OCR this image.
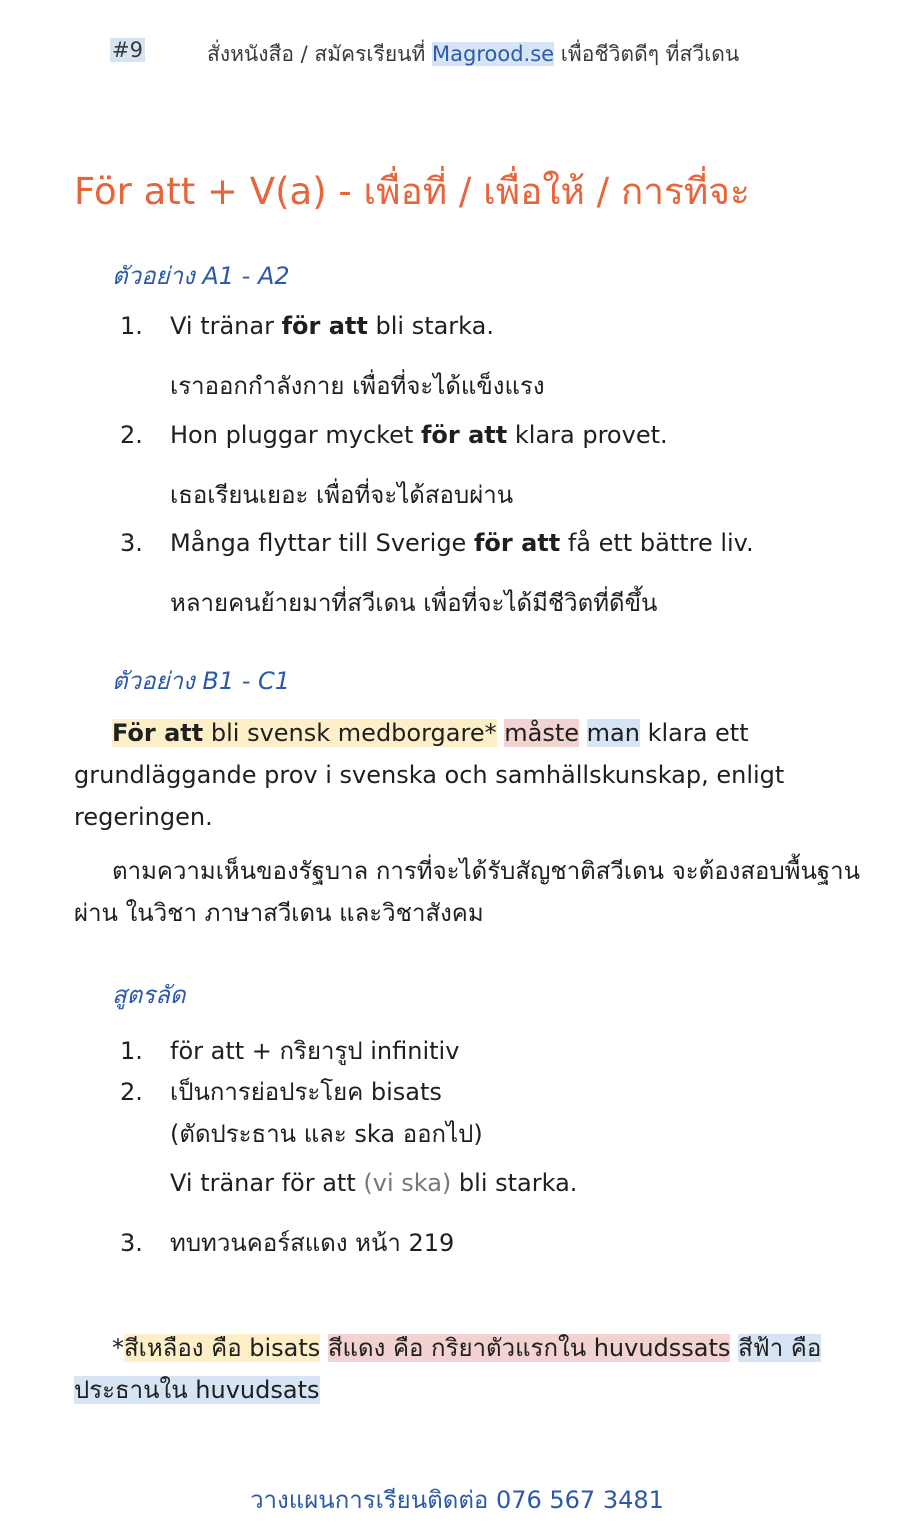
#9	สั่งหนังสือ / สมัครเรียนที่ Magrood.se เพื่อชีวิตดีๆ ที่สวีเดน
För att + V(a) - เพื่อที่ / เพื่อให้ / การที่จะ
ตัวอย่าง A1 - A2
1. Vi tränar för att bli starka.
เราออกกำลังกาย เพื่อที่จะได้แข็งแรง
2. Hon pluggar mycket för att klara provet.
เธอเรียนเยอะ เพื่อที่จะได้สอบผ่าน
3. Många flyttar till Sverige för att få ett bättre liv.
หลายคนย้ายมาที่สวีเดน เพื่อที่จะได้มีชีวิตที่ดีขึ้น
ตัวอย่าง B1 - C1
För att bli svensk medborgare* måste man klara ett grundläggande prov i svenska och samhällskunskap, enligt regeringen.
ตามความเห็นของรัฐบาล การที่จะได้รับสัญชาติสวีเดน จะต้องสอบพื้นฐานผ่าน ในวิชา ภาษาสวีเดน และวิชาสังคม
สูตรลัด
1. för att + กริยารูป infinitiv
2. เป็นการย่อประโยค bisats
(ตัดประธาน และ ska ออกไป)
Vi tränar för att (vi ska) bli starka.
3. ทบทวนคอร์สแดง หน้า 219
*สีเหลือง คือ bisats สีแดง คือ กริยาตัวแรกใน huvudssats สีฟ้า คือ ประธานใน huvudsats
วางแผนการเรียนติดต่อ 076 567 3481
